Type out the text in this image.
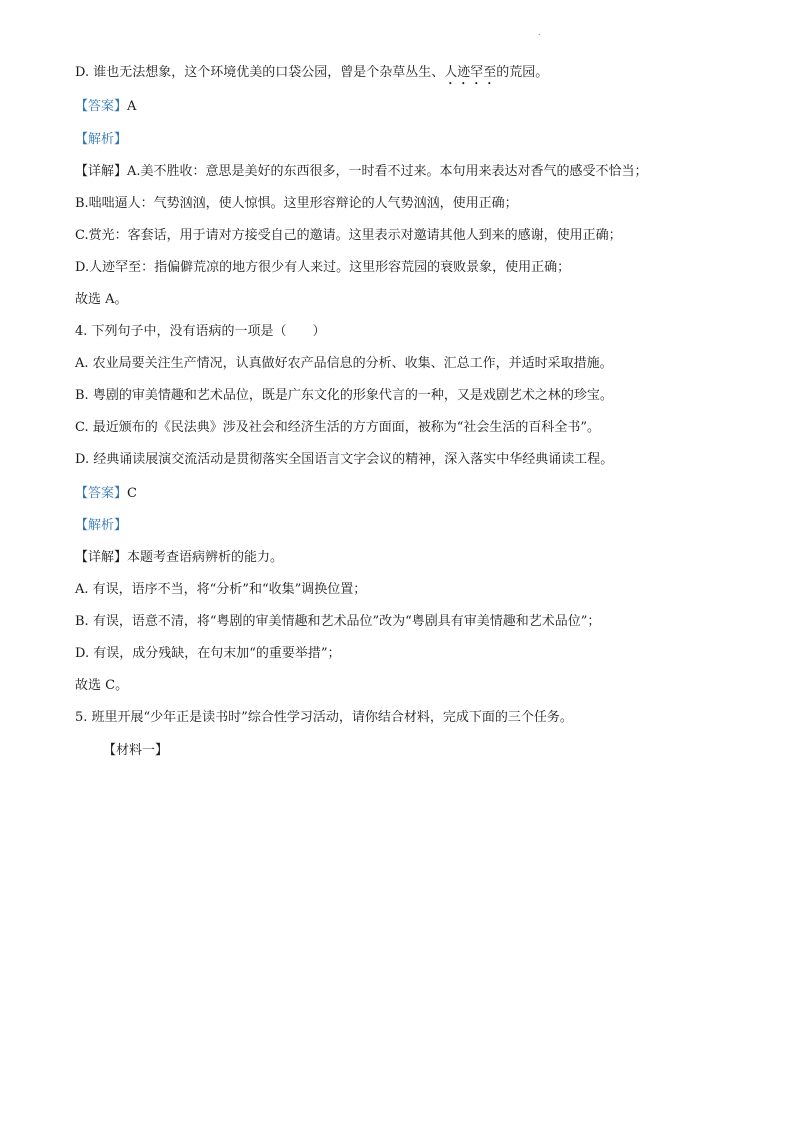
.
D. 谁也无法想象，这个环境优美的口袋公园，曾是个杂草丛生、人迹罕至的荒园。
【答案】A
【解析】
【详解】A.美不胜收：意思是美好的东西很多，一时看不过来。本句用来表达对香气的感受不恰当；
B.咄咄逼人：气势汹汹，使人惊惧。这里形容辩论的人气势汹汹，使用正确；
C.赏光：客套话，用于请对方接受自己的邀请。这里表示对邀请其他人到来的感谢，使用正确；
D.人迹罕至：指偏僻荒凉的地方很少有人来过。这里形容荒园的衰败景象，使用正确；
故选 A。
4. 下列句子中，没有语病的一项是（　　）
A. 农业局要关注生产情况，认真做好农产品信息的分析、收集、汇总工作，并适时采取措施。
B. 粤剧的审美情趣和艺术品位，既是广东文化的形象代言的一种，又是戏剧艺术之林的珍宝。
C. 最近颁布的《民法典》涉及社会和经济生活的方方面面，被称为“社会生活的百科全书”。
D. 经典诵读展演交流活动是贯彻落实全国语言文字会议的精神，深入落实中华经典诵读工程。
【答案】C
【解析】
【详解】本题考查语病辨析的能力。
A. 有误，语序不当，将“分析”和“收集”调换位置；
B. 有误，语意不清，将“粤剧的审美情趣和艺术品位”改为“粤剧具有审美情趣和艺术品位”；
D. 有误，成分残缺，在句末加“的重要举措”；
故选 C。
5. 班里开展“少年正是读书时”综合性学习活动，请你结合材料，完成下面的三个任务。
【材料一】
